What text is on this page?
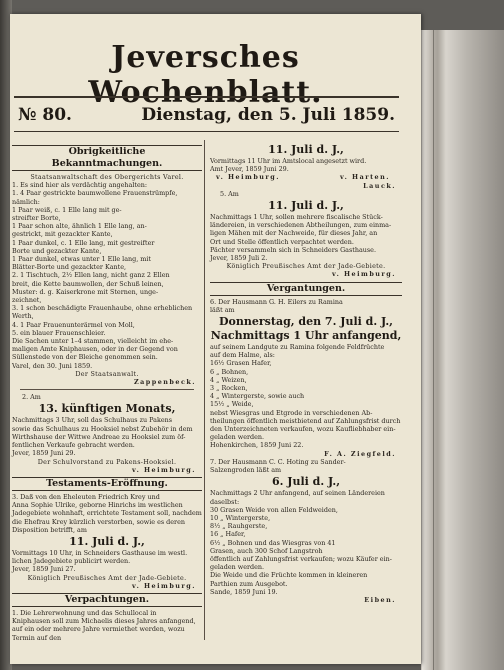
Jeversches Wochenblatt.
№ 80.	Dienstag, den 5. Juli 1859.
Obrigkeitliche Bekanntmachungen.

Staatsanwaltschaft des Obergerichts Varel.

1. Es sind hier als verdächtig angehalten:

1. 4 Paar gestrickte baumwollene Frauenstrümpfe,

nämlich:

1 Paar weiß, c. 1 Elle lang mit ge-

streifter Borte,

1 Paar schon alte, ähnlich 1 Elle lang, an-

gestrickt, mit gezackter Kante,

1 Paar dunkel, c. 1 Elle lang, mit gestreifter

Borte und gezackter Kante,

1 Paar dunkel, etwas unter 1 Elle lang, mit

Blätter-Borte und gezackter Kante,

2. 1 Tischtuch, 2½ Ellen lang, nicht ganz 2 Ellen

breit, die Kette baumwollen, der Schuß leinen,

Muster: d. g. Kaiserkrone mit Sternen, unge-

zeichnet,

3. 1 schon beschädigte Frauenhaube, ohne erheblichen

Werth,

4. 1 Paar Frauenunterärmel von Moll,

5. ein blauer Frauenschleier.

Die Sachen unter 1–4 stammen, vielleicht im ehe-

maligen Amte Kniphausen, oder in der Gegend von

Süllenstede von der Bleiche genommen sein.

Varel, den 30. Juni 1859.

Der Staatsanwalt.

Zappenbeck.

2. Am

13. künftigen Monats,

Nachmittags 3 Uhr, soll das Schulhaus zu Pakens

sowie das Schulhaus zu Hooksiel nebst Zubehör in dem

Wirthshause der Wittwe Andreae zu Hooksiel zum öf-

fentlichen Verkaufe gebracht werden.

Jever, 1859 Juni 29.

Der Schulvorstand zu Pakens-Hooksiel.

v. Heimburg.

Testaments-Eröffnung.

3. Daß von den Eheleuten Friedrich Krey und

Anna Sophie Ulrike, geborne Hinrichs im westlichen

Jadegebiete wohnhaft, errichtete Testament soll, nachdem

die Ehefrau Krey kürzlich verstorben, sowie es deren

Disposition betrifft, am

11. Juli d. J.,

Vormittags 10 Uhr, in Schneiders Gasthause im westl.

lichen Jadegebiete publicirt werden.

Jever, 1859 Juni 27.

Königlich Preußisches Amt der Jade-Gebiete.

v. Heimburg.

Verpachtungen.

1. Die Lehrerwohnung und das Schullocal in

Kniphausen soll zum Michaelis dieses Jahres anfangend,

auf ein oder mehrere Jahre vermiethet werden, wozu

Termin auf den

11. Juli d. J.,

Vormittags 11 Uhr im Amtslocal angesetzt wird.

Amt Jever, 1859 Juni 29.

v. Heimburg.	v. Harten.

Lauck.

5. Am

11. Juli d. J.,

Nachmittags 1 Uhr, sollen mehrere fiscalische Stück-

ländereien, in verschiedenen Abtheilungen, zum einma-

ligen Mähen mit der Nachweide, für dieses Jahr, an

Ort und Stelle öffentlich verpachtet werden.

Pächter versammeln sich in Schneiders Gasthause.

Jever, 1859 Juli 2.

Königlich Preußisches Amt der Jade-Gebiete.

v. Heimburg.

Vergantungen.

6. Der Hausmann G. H. Eilers zu Ramina

läßt am

Donnerstag, den 7. Juli d. J.,

Nachmittags 1 Uhr anfangend,

auf seinem Landgute zu Ramina folgende Feldfrüchte

auf dem Halme, als:

16½ Grasen Hafer,

6 „ Bohnen,

4 „ Weizen,

3 „ Rocken,

4 „ Wintergerste, sowie auch

15½ „ Weide,

nebst Wiesgras und Etgrode in verschiedenen Ab-

theilungen öffentlich meistbietend auf Zahlungsfrist durch

den Unterzeichneten verkaufen, wozu Kaufliebhaber ein-

geladen werden.

Hohenkirchen, 1859 Juni 22.

F. A. Ziegfeld.

7. Der Hausmann C. C. Hoting zu Sander-

Salzengroden läßt am

6. Juli d. J.,

Nachmittags 2 Uhr anfangend, auf seinen Ländereien

daselbst:

30 Grasen Weide von allen Feldweiden,

10 „ Wintergerste,

8½ „ Rauhgerste,

16 „ Hafer,

6½ „ Bohnen und das Wiesgras von 41

Grasen, auch 300 Schof Langstroh

öffentlich auf Zahlungsfrist verkaufen; wozu Käufer ein-

geladen werden.

Die Weide und die Früchte kommen in kleineren

Parthien zum Ausgebot.

Sande, 1859 Juni 19.

Eiben.
